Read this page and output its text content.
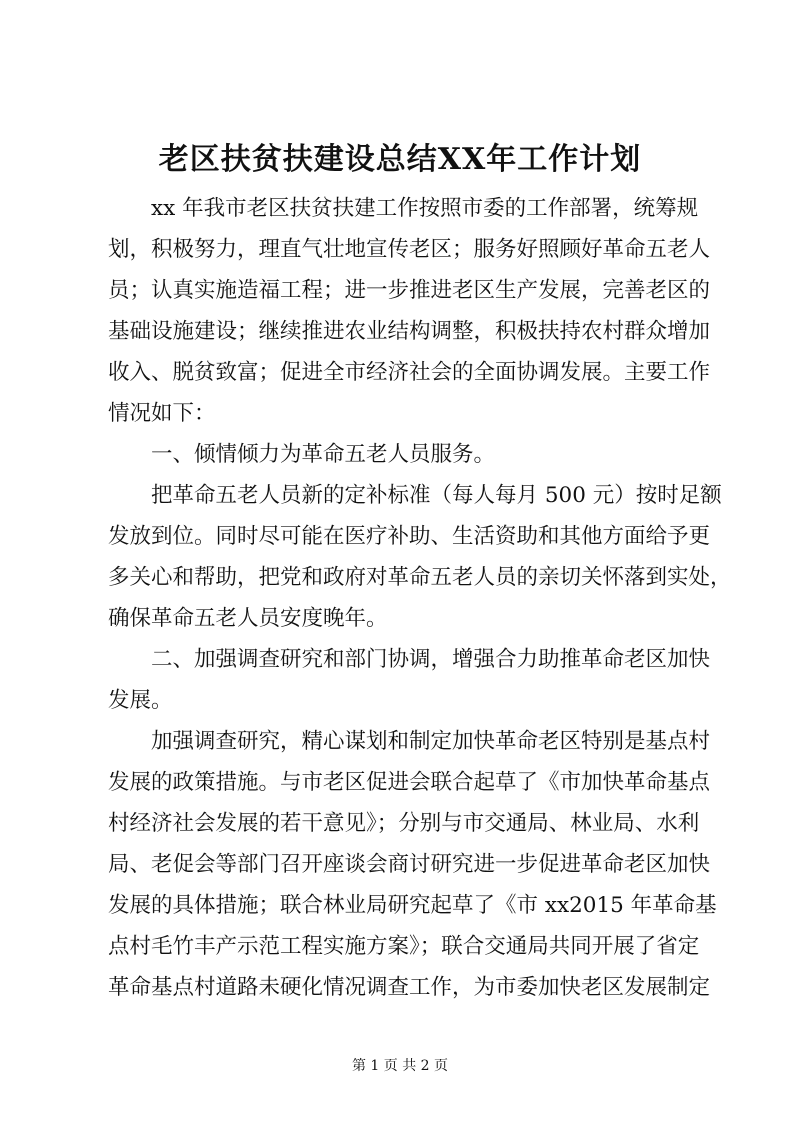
老区扶贫扶建设总结XX年工作计划
xx 年我市老区扶贫扶建工作按照市委的工作部署，统筹规
划，积极努力，理直气壮地宣传老区；服务好照顾好革命五老人
员；认真实施造福工程；进一步推进老区生产发展，完善老区的
基础设施建设；继续推进农业结构调整，积极扶持农村群众增加
收入、脱贫致富；促进全市经济社会的全面协调发展。主要工作
情况如下：
一、倾情倾力为革命五老人员服务。
把革命五老人员新的定补标准（每人每月 500 元）按时足额
发放到位。同时尽可能在医疗补助、生活资助和其他方面给予更
多关心和帮助，把党和政府对革命五老人员的亲切关怀落到实处，
确保革命五老人员安度晚年。
二、加强调查研究和部门协调，增强合力助推革命老区加快
发展。
加强调查研究，精心谋划和制定加快革命老区特别是基点村
发展的政策措施。与市老区促进会联合起草了《市加快革命基点
村经济社会发展的若干意见》；分别与市交通局、林业局、水利
局、老促会等部门召开座谈会商讨研究进一步促进革命老区加快
发展的具体措施；联合林业局研究起草了《市 xx2015 年革命基
点村毛竹丰产示范工程实施方案》；联合交通局共同开展了省定
革命基点村道路未硬化情况调查工作，为市委加快老区发展制定
第 1 页 共 2 页
